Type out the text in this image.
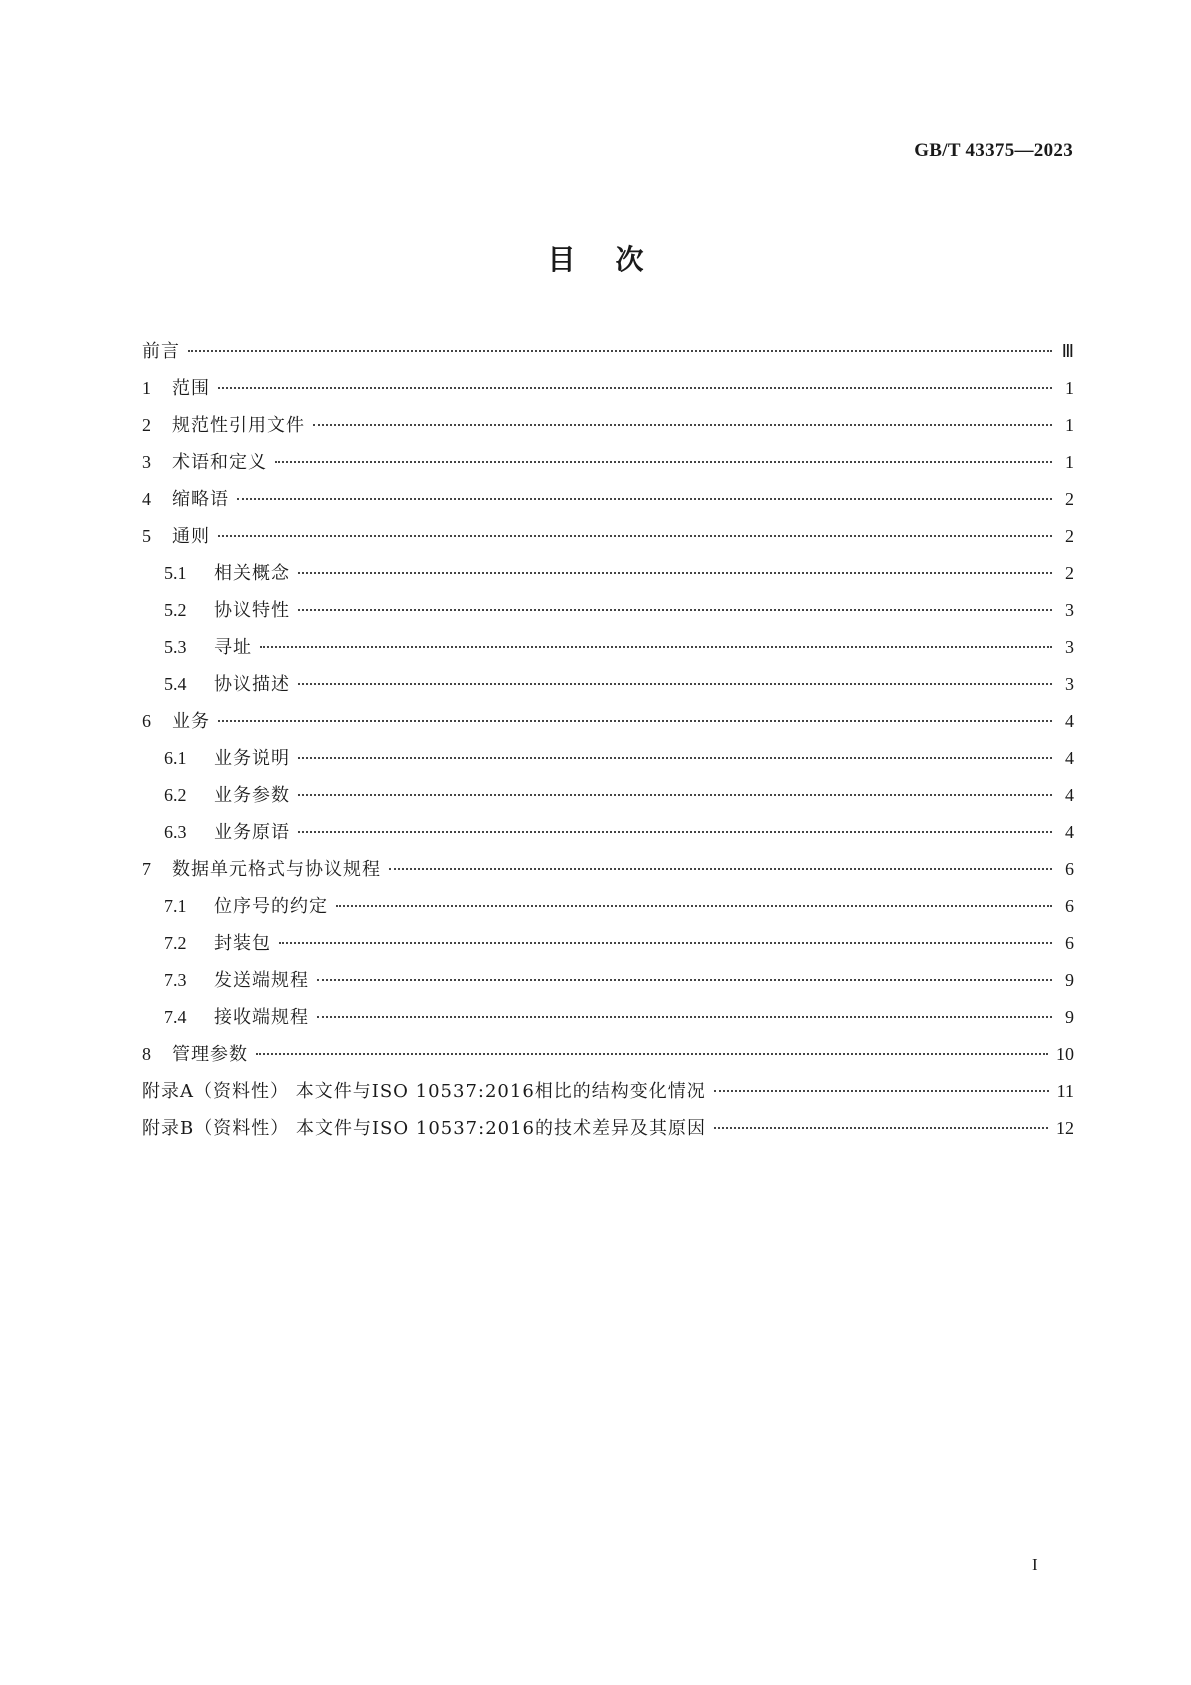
GB/T 43375—2023
目次
前言	Ⅲ
1	范围	1
2	规范性引用文件	1
3	术语和定义	1
4	缩略语	2
5	通则	2
5.1	相关概念	2
5.2	协议特性	3
5.3	寻址	3
5.4	协议描述	3
6	业务	4
6.1	业务说明	4
6.2	业务参数	4
6.3	业务原语	4
7	数据单元格式与协议规程	6
7.1	位序号的约定	6
7.2	封装包	6
7.3	发送端规程	9
7.4	接收端规程	9
8	管理参数	10
附录A（资料性） 本文件与ISO 10537:2016相比的结构变化情况	11
附录B（资料性） 本文件与ISO 10537:2016的技术差异及其原因	12
I
